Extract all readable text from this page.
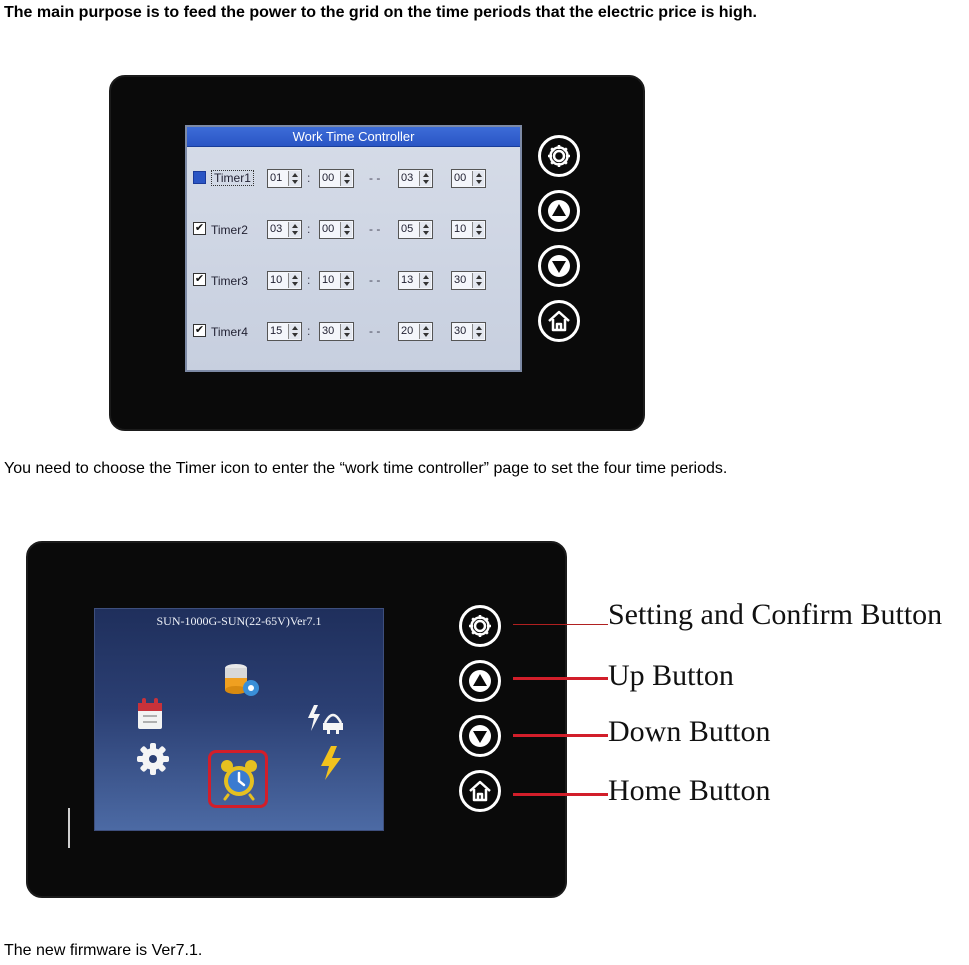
The main purpose is to feed the power to the grid on the time periods that the electric price is high.
You need to choose the Timer icon to enter the “work time controller” page to set the four time periods.
The new firmware is Ver7.1.
Work Time Controller
✔ Timer1 01	: 00	- - 03	00
✔ Timer2 03	: 00	- - 05	10
✔ Timer3 10	: 10	- - 13	30
✔ Timer4 15	: 30	- - 20	30
SUN-1000G-SUN(22-65V)Ver7.1	Setting and Confirm Button
Up Button
Down Button
Home Button
